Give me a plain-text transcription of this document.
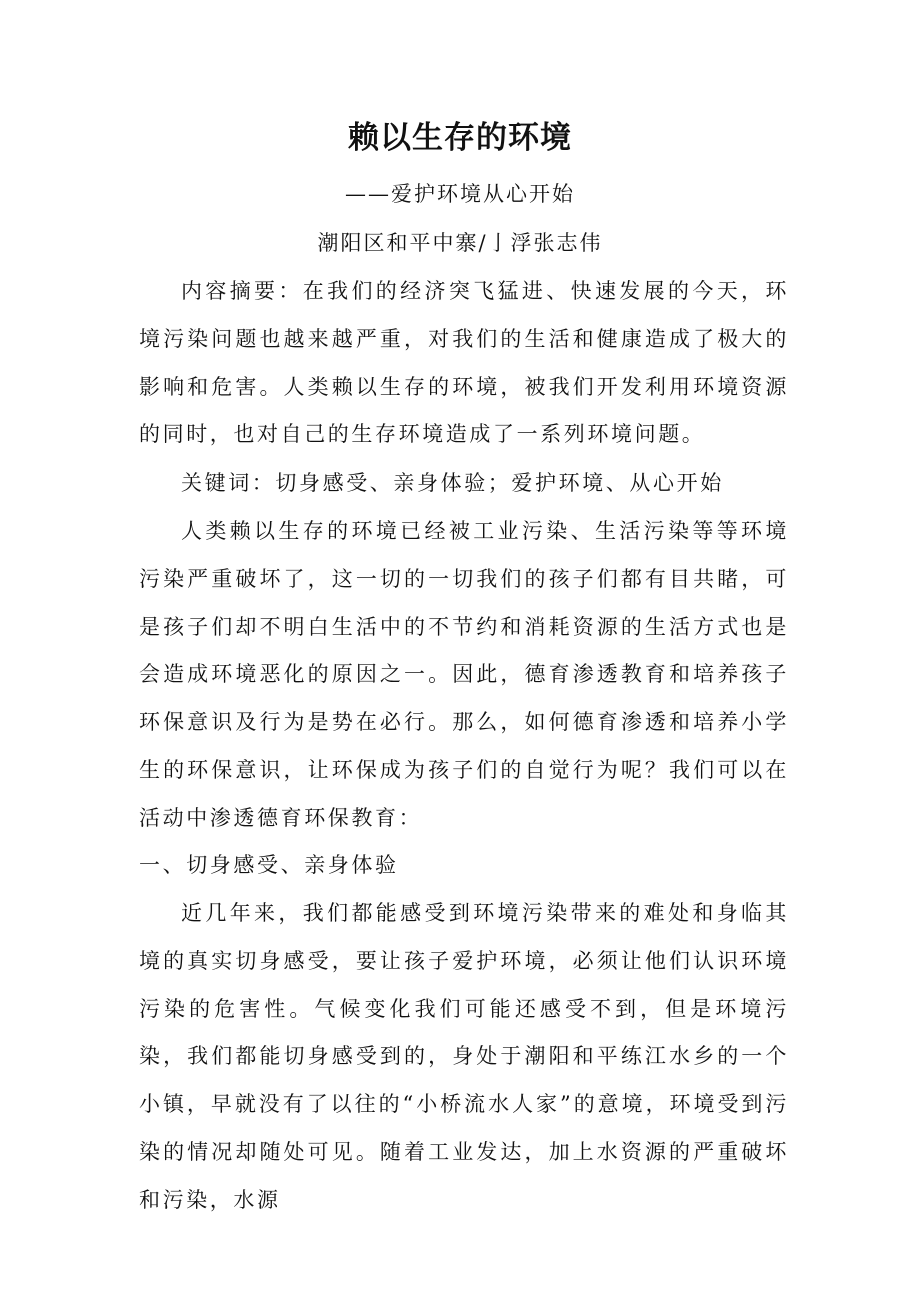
赖以生存的环境
——爱护环境从心开始
潮阳区和平中寨/亅浮张志伟

内容摘要：在我们的经济突飞猛进、快速发展的今天，环境污染问题也越来越严重，对我们的生活和健康造成了极大的影响和危害。人类赖以生存的环境，被我们开发利用环境资源的同时，也对自己的生存环境造成了一系列环境问题。

关键词：切身感受、亲身体验；爱护环境、从心开始

人类赖以生存的环境已经被工业污染、生活污染等等环境污染严重破坏了，这一切的一切我们的孩子们都有目共睹，可是孩子们却不明白生活中的不节约和消耗资源的生活方式也是会造成环境恶化的原因之一。因此，德育渗透教育和培养孩子环保意识及行为是势在必行。那么，如何德育渗透和培养小学生的环保意识，让环保成为孩子们的自觉行为呢？我们可以在活动中渗透德育环保教育：

一、切身感受、亲身体验

近几年来，我们都能感受到环境污染带来的难处和身临其境的真实切身感受，要让孩子爱护环境，必须让他们认识环境污染的危害性。气候变化我们可能还感受不到，但是环境污染，我们都能切身感受到的，身处于潮阳和平练江水乡的一个小镇，早就没有了以往的“小桥流水人家”的意境，环境受到污染的情况却随处可见。随着工业发达，加上水资源的严重破坏和污染，水源
